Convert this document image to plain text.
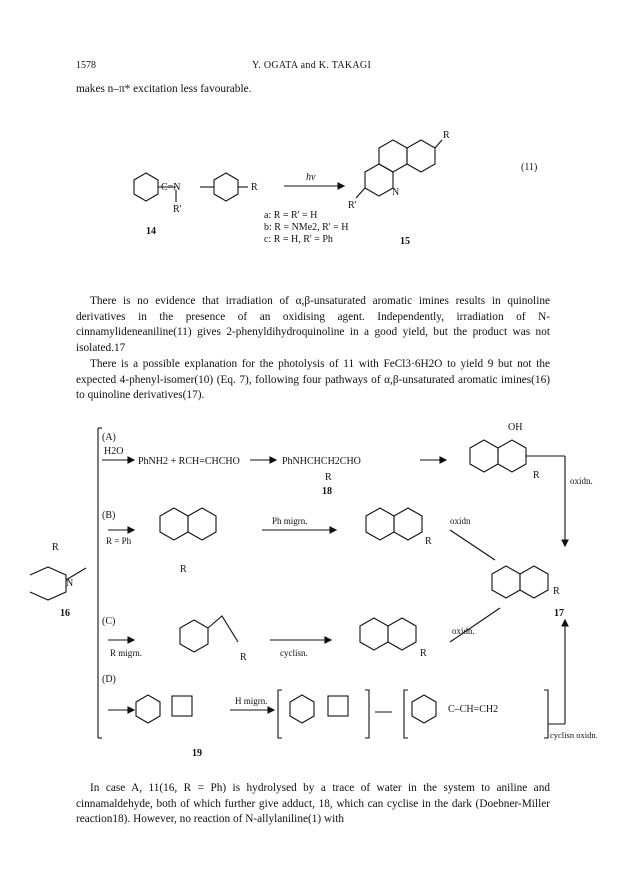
1578	Y. OGATA and K. TAKAGI
makes n–π* excitation less favourable.
C=N
R'
R
hv
R
R'
N
14
15
a: R = R' = H
b: R = NMe2, R' = H
c: R = H, R' = Ph
(11)
There is no evidence that irradiation of α,β-unsaturated aromatic imines results in quinoline derivatives in the presence of an oxidising agent. Independently, irradiation of N-cinnamylideneaniline(11) gives 2-phenyldihydroquinoline in a good yield, but the product was not isolated.17
There is a possible explanation for the photolysis of 11 with FeCl3·6H2O to yield 9 but not the expected 4-phenyl-isomer(10) (Eq. 7), following four pathways of α,β-unsaturated aromatic imines(16) to quinoline derivatives(17).
(A)
H2O
PhNH2 + RCH=CHCHO	PhNHCHCH2CHO
R
18
OH
oxidn.
R
(B)
R = Ph
Ph migrn.
R
R
oxidn
R
N
16
R
17
(C)
R migrn.	cyclisn.
oxidn.
R	R
(D)
H migrn.
19
C–CH=CH2
cyclisn oxidn.
In case A, 11(16, R = Ph) is hydrolysed by a trace of water in the system to aniline and cinnamaldehyde, both of which further give adduct, 18, which can cyclise in the dark (Doebner-Miller reaction18). However, no reaction of N-allylaniline(1) with
